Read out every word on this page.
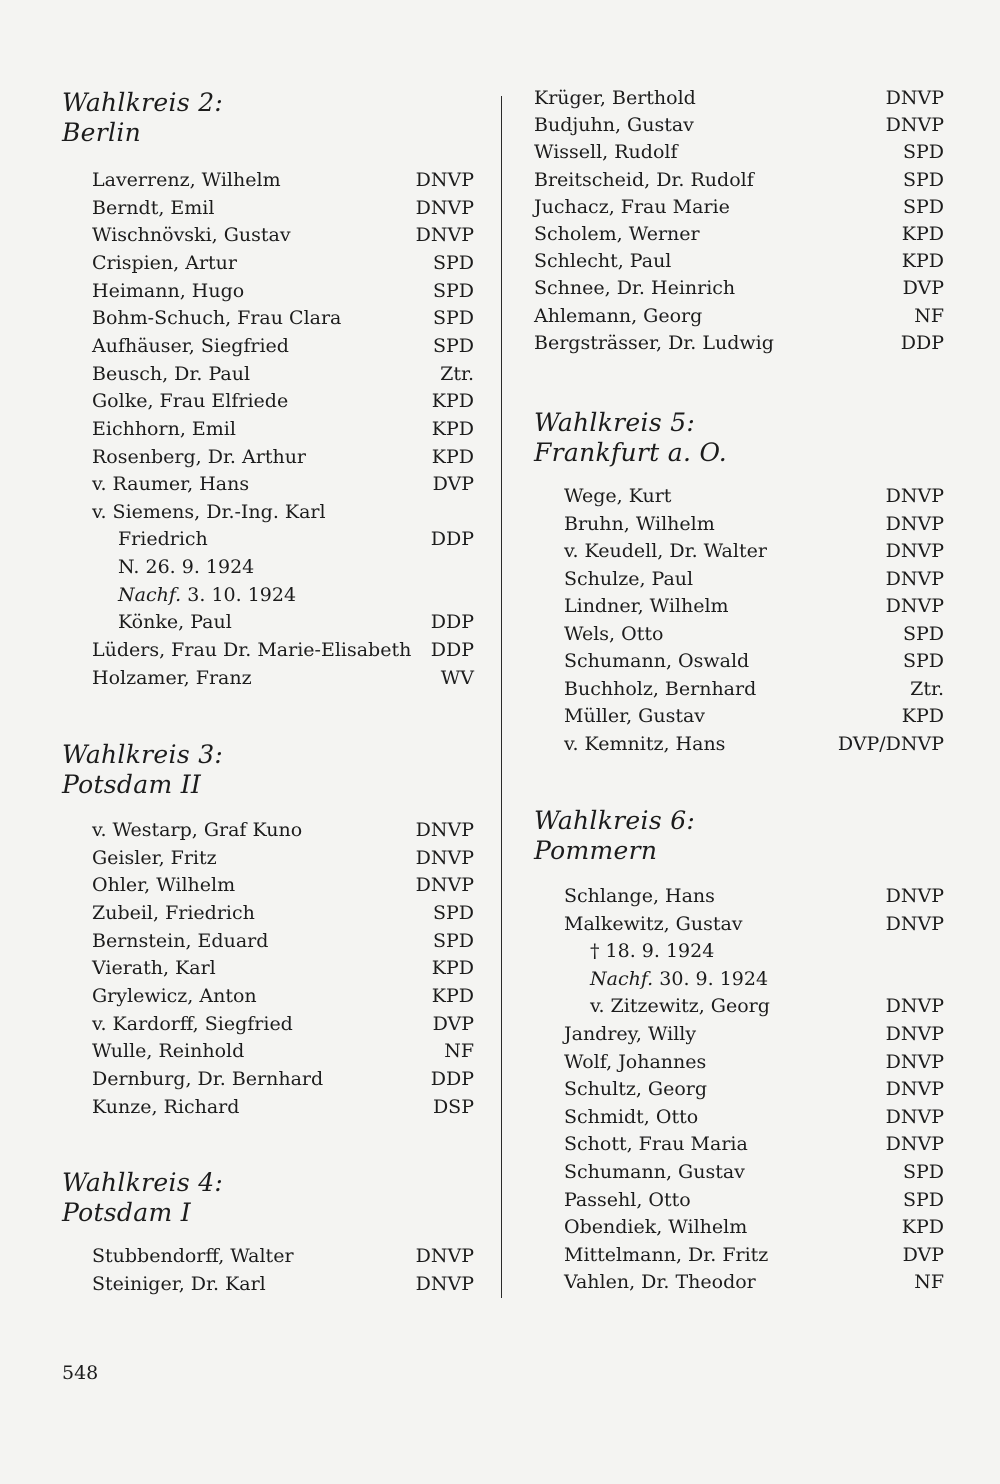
Wahlkreis 2:
Berlin
Laverrenz, Wilhelm	DNVP
Berndt, Emil	DNVP
Wischnövski, Gustav	DNVP
Crispien, Artur	SPD
Heimann, Hugo	SPD
Bohm-Schuch, Frau Clara	SPD
Aufhäuser, Siegfried	SPD
Beusch, Dr. Paul	Ztr.
Golke, Frau Elfriede	KPD
Eichhorn, Emil	KPD
Rosenberg, Dr. Arthur	KPD
v. Raumer, Hans	DVP
v. Siemens, Dr.-Ing. Karl
Friedrich	DDP
N. 26. 9. 1924
Nachf. 3. 10. 1924
Könke, Paul	DDP
Lüders, Frau Dr. Marie-Elisabeth DDP
Holzamer, Franz	WV
Wahlkreis 3:
Potsdam II
v. Westarp, Graf Kuno	DNVP
Geisler, Fritz	DNVP
Ohler, Wilhelm	DNVP
Zubeil, Friedrich	SPD
Bernstein, Eduard	SPD
Vierath, Karl	KPD
Grylewicz, Anton	KPD
v. Kardorff, Siegfried	DVP
Wulle, Reinhold	NF
Dernburg, Dr. Bernhard	DDP
Kunze, Richard	DSP
Wahlkreis 4:
Potsdam I
Stubbendorff, Walter	DNVP
Steiniger, Dr. Karl	DNVP
Krüger, Berthold	DNVP
Budjuhn, Gustav	DNVP
Wissell, Rudolf	SPD
Breitscheid, Dr. Rudolf	SPD
Juchacz, Frau Marie	SPD
Scholem, Werner	KPD
Schlecht, Paul	KPD
Schnee, Dr. Heinrich	DVP
Ahlemann, Georg	NF
Bergsträsser, Dr. Ludwig	DDP
Wahlkreis 5:
Frankfurt a. O.
Wege, Kurt	DNVP
Bruhn, Wilhelm	DNVP
v. Keudell, Dr. Walter	DNVP
Schulze, Paul	DNVP
Lindner, Wilhelm	DNVP
Wels, Otto	SPD
Schumann, Oswald	SPD
Buchholz, Bernhard	Ztr.
Müller, Gustav	KPD
v. Kemnitz, Hans	DVP/DNVP
Wahlkreis 6:
Pommern
Schlange, Hans	DNVP
Malkewitz, Gustav	DNVP
† 18. 9. 1924
Nachf. 30. 9. 1924
v. Zitzewitz, Georg	DNVP
Jandrey, Willy	DNVP
Wolf, Johannes	DNVP
Schultz, Georg	DNVP
Schmidt, Otto	DNVP
Schott, Frau Maria	DNVP
Schumann, Gustav	SPD
Passehl, Otto	SPD
Obendiek, Wilhelm	KPD
Mittelmann, Dr. Fritz	DVP
Vahlen, Dr. Theodor	NF
548
